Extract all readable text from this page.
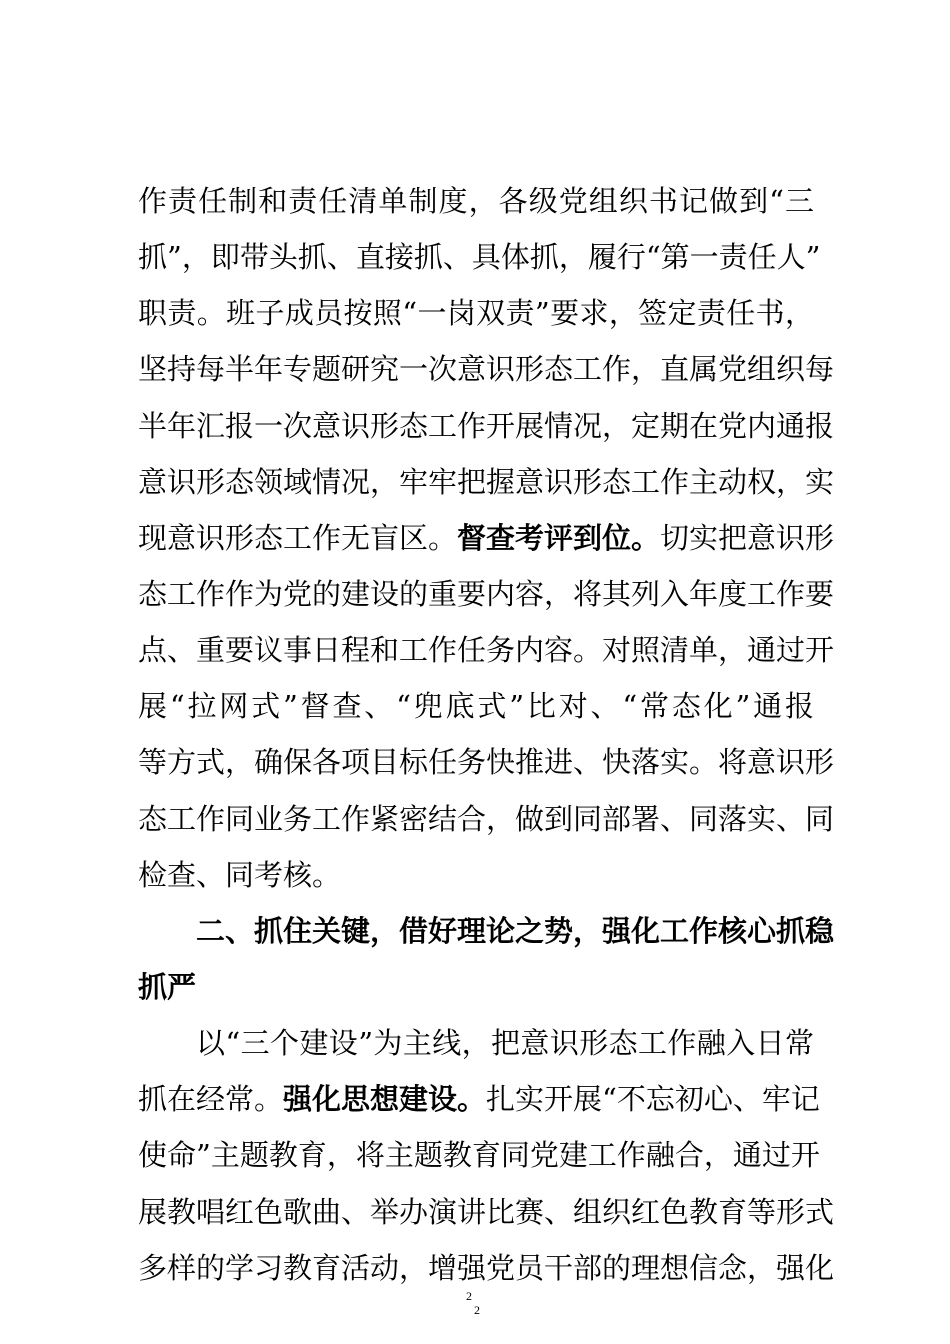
作责任制和责任清单制度，各级党组织书记做到“三
抓”，即带头抓、直接抓、具体抓，履行“第一责任人”
职责。班子成员按照“一岗双责”要求，签定责任书，
坚持每半年专题研究一次意识形态工作，直属党组织每
半年汇报一次意识形态工作开展情况，定期在党内通报
意识形态领域情况，牢牢把握意识形态工作主动权，实
现意识形态工作无盲区。督查考评到位。切实把意识形
态工作作为党的建设的重要内容，将其列入年度工作要
点、重要议事日程和工作任务内容。对照清单，通过开
展“拉网式”督查、“兜底式”比对、“常态化”通报
等方式，确保各项目标任务快推进、快落实。将意识形
态工作同业务工作紧密结合，做到同部署、同落实、同
检查、同考核。
二、抓住关键，借好理论之势，强化工作核心抓稳
抓严
以“三个建设”为主线，把意识形态工作融入日常
抓在经常。强化思想建设。扎实开展“不忘初心、牢记
使命”主题教育，将主题教育同党建工作融合，通过开
展教唱红色歌曲、举办演讲比赛、组织红色教育等形式
多样的学习教育活动，增强党员干部的理想信念，强化
2
2
